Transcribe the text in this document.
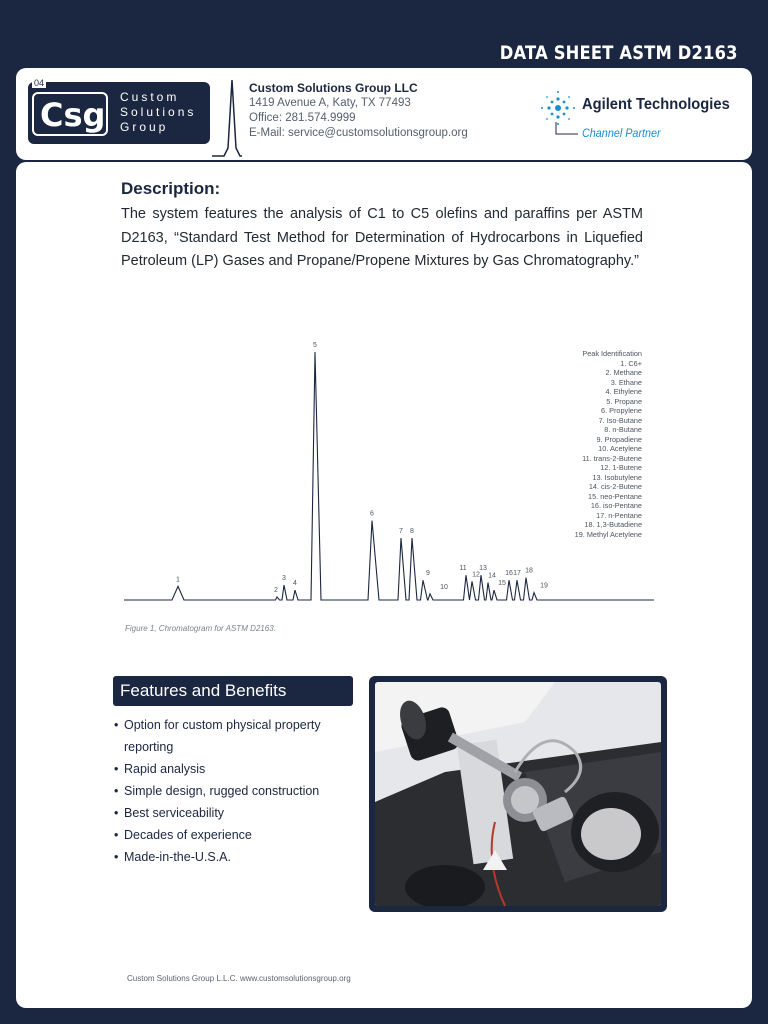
DATA SHEET ASTM D2163
04
Csg Custom
Solutions
Group
Custom Solutions Group LLC
1419 Avenue A, Katy, TX 77493
Office: 281.574.9999
E-Mail: service@customsolutionsgroup.org
Agilent Technologies
Channel Partner
Description:
The system features the analysis of C1 to C5 olefins and paraffins per ASTM D2163, “Standard Test Method for Determination of Hydrocarbons in Liquefied Petroleum (LP) Gases and Propane/Propene Mixtures by Gas Chromatography.”
1
2
3
4
5
6
7 8
9
10
11
12
13
14
15
16 17 18
19
Peak Identification
1. C6+
2. Methane
3. Ethane
4. Ethylene
5. Propane
6. Propylene
7. Iso-Butane
8. n-Butane
9. Propadiene
10. Acetylene
11. trans-2-Butene
12. 1-Butene
13. Isobutylene
14. cis-2-Butene
15. neo-Pentane
16. iso-Pentane
17. n-Pentane
18. 1,3-Butadiene
19. Methyl Acetylene
Figure 1, Chromatogram for ASTM D2163.
Features and Benefits
• Option for custom physical property reporting
• Rapid analysis
• Simple design, rugged construction
• Best serviceability
• Decades of experience
• Made-in-the-U.S.A.
Custom Solutions Group L.L.C. www.customsolutionsgroup.org
